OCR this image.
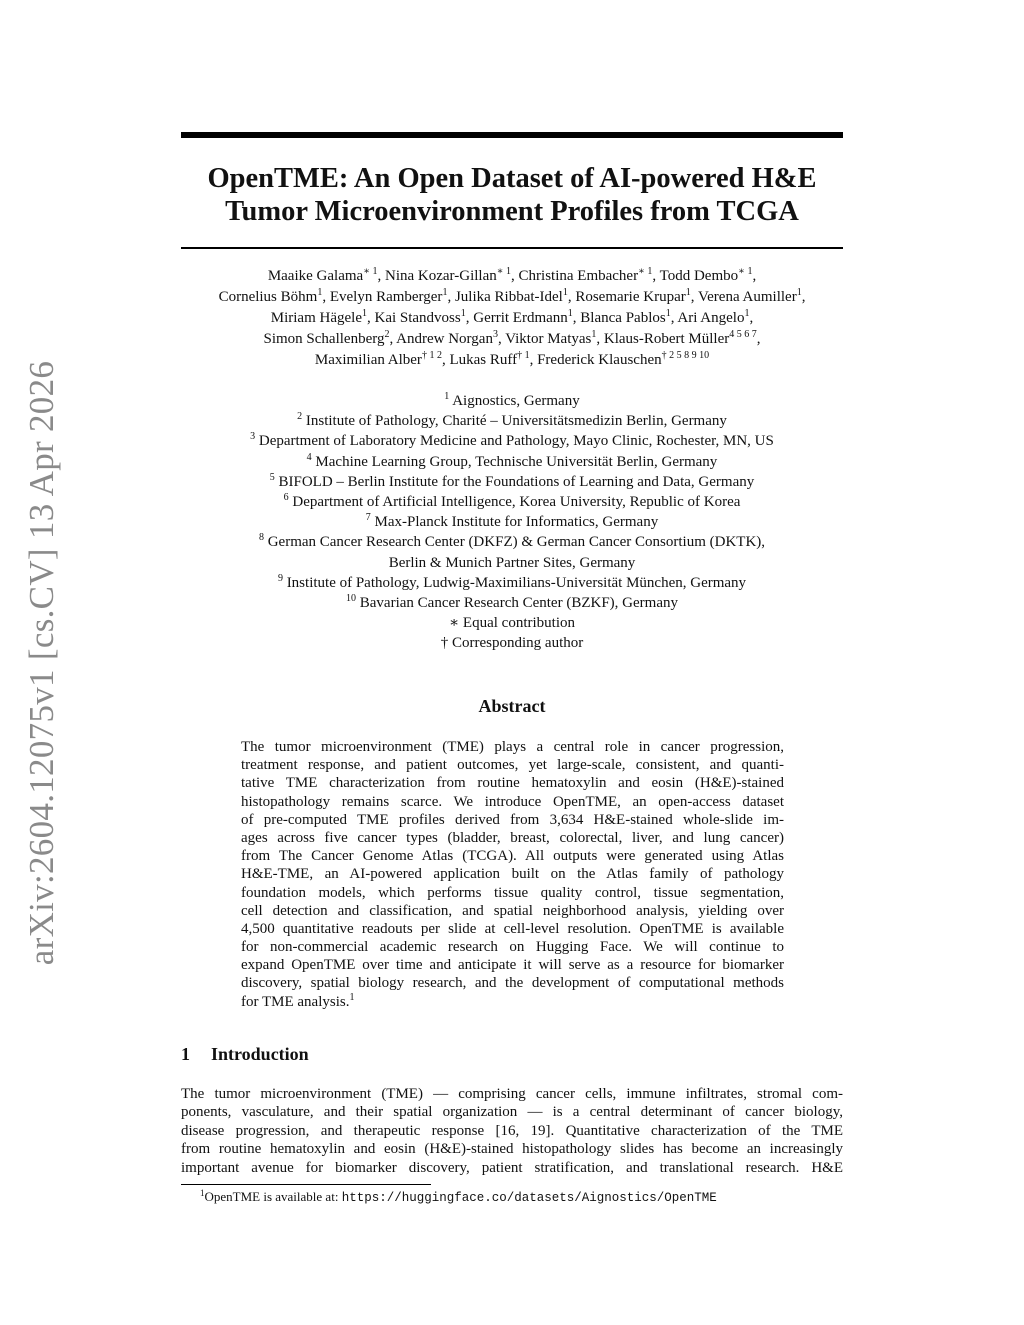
arXiv:2604.12075v1 [cs.CV] 13 Apr 2026
OpenTME: An Open Dataset of AI-powered H&E
Tumor Microenvironment Profiles from TCGA
Maaike Galama$^{∗ 1}$, Nina Kozar-Gillan$^{∗ 1}$, Christina Embacher$^{∗ 1}$, Todd Dembo$^{∗ 1}$,
Cornelius Böhm$^1$, Evelyn Ramberger$^1$, Julika Ribbat-Idel$^1$, Rosemarie Krupar$^1$, Verena Aumiller$^1$,
Miriam Hägele$^1$, Kai Standvoss$^1$, Gerrit Erdmann$^1$, Blanca Pablos$^1$, Ari Angelo$^1$,
Simon Schallenberg$^2$, Andrew Norgan$^3$, Viktor Matyas$^1$, Klaus-Robert Müller$^{4 5 6 7}$,
Maximilian Alber$^{\dagger 1 2}$, Lukas Ruff$^{\dagger 1}$, Frederick Klauschen$^{\dagger 2 5 8 9 10}$
$^1$ Aignostics, Germany
$^2$ Institute of Pathology, Charité – Universitätsmedizin Berlin, Germany
$^3$ Department of Laboratory Medicine and Pathology, Mayo Clinic, Rochester, MN, US
$^4$ Machine Learning Group, Technische Universität Berlin, Germany
$^5$ BIFOLD – Berlin Institute for the Foundations of Learning and Data, Germany
$^6$ Department of Artificial Intelligence, Korea University, Republic of Korea
$^7$ Max-Planck Institute for Informatics, Germany
$^8$ German Cancer Research Center (DKFZ) & German Cancer Consortium (DKTK),
Berlin & Munich Partner Sites, Germany
$^9$ Institute of Pathology, Ludwig-Maximilians-Universität München, Germany
$^{10}$ Bavarian Cancer Research Center (BZKF), Germany
∗ Equal contribution
† Corresponding author
Abstract
The tumor microenvironment (TME) plays a central role in cancer progression,
treatment response, and patient outcomes, yet large-scale, consistent, and quanti-
tative TME characterization from routine hematoxylin and eosin (H&E)-stained
histopathology remains scarce. We introduce OpenTME, an open-access dataset
of pre-computed TME profiles derived from 3,634 H&E-stained whole-slide im-
ages across five cancer types (bladder, breast, colorectal, liver, and lung cancer)
from The Cancer Genome Atlas (TCGA). All outputs were generated using Atlas
H&E-TME, an AI-powered application built on the Atlas family of pathology
foundation models, which performs tissue quality control, tissue segmentation,
cell detection and classification, and spatial neighborhood analysis, yielding over
4,500 quantitative readouts per slide at cell-level resolution. OpenTME is available
for non-commercial academic research on Hugging Face. We will continue to
expand OpenTME over time and anticipate it will serve as a resource for biomarker
discovery, spatial biology research, and the development of computational methods
for TME analysis.$^1$
1 Introduction
The tumor microenvironment (TME) — comprising cancer cells, immune infiltrates, stromal com-
ponents, vasculature, and their spatial organization — is a central determinant of cancer biology,
disease progression, and therapeutic response [16, 19]. Quantitative characterization of the TME
from routine hematoxylin and eosin (H&E)-stained histopathology slides has become an increasingly
important avenue for biomarker discovery, patient stratification, and translational research. H&E
$^1$OpenTME is available at: https://huggingface.co/datasets/Aignostics/OpenTME
